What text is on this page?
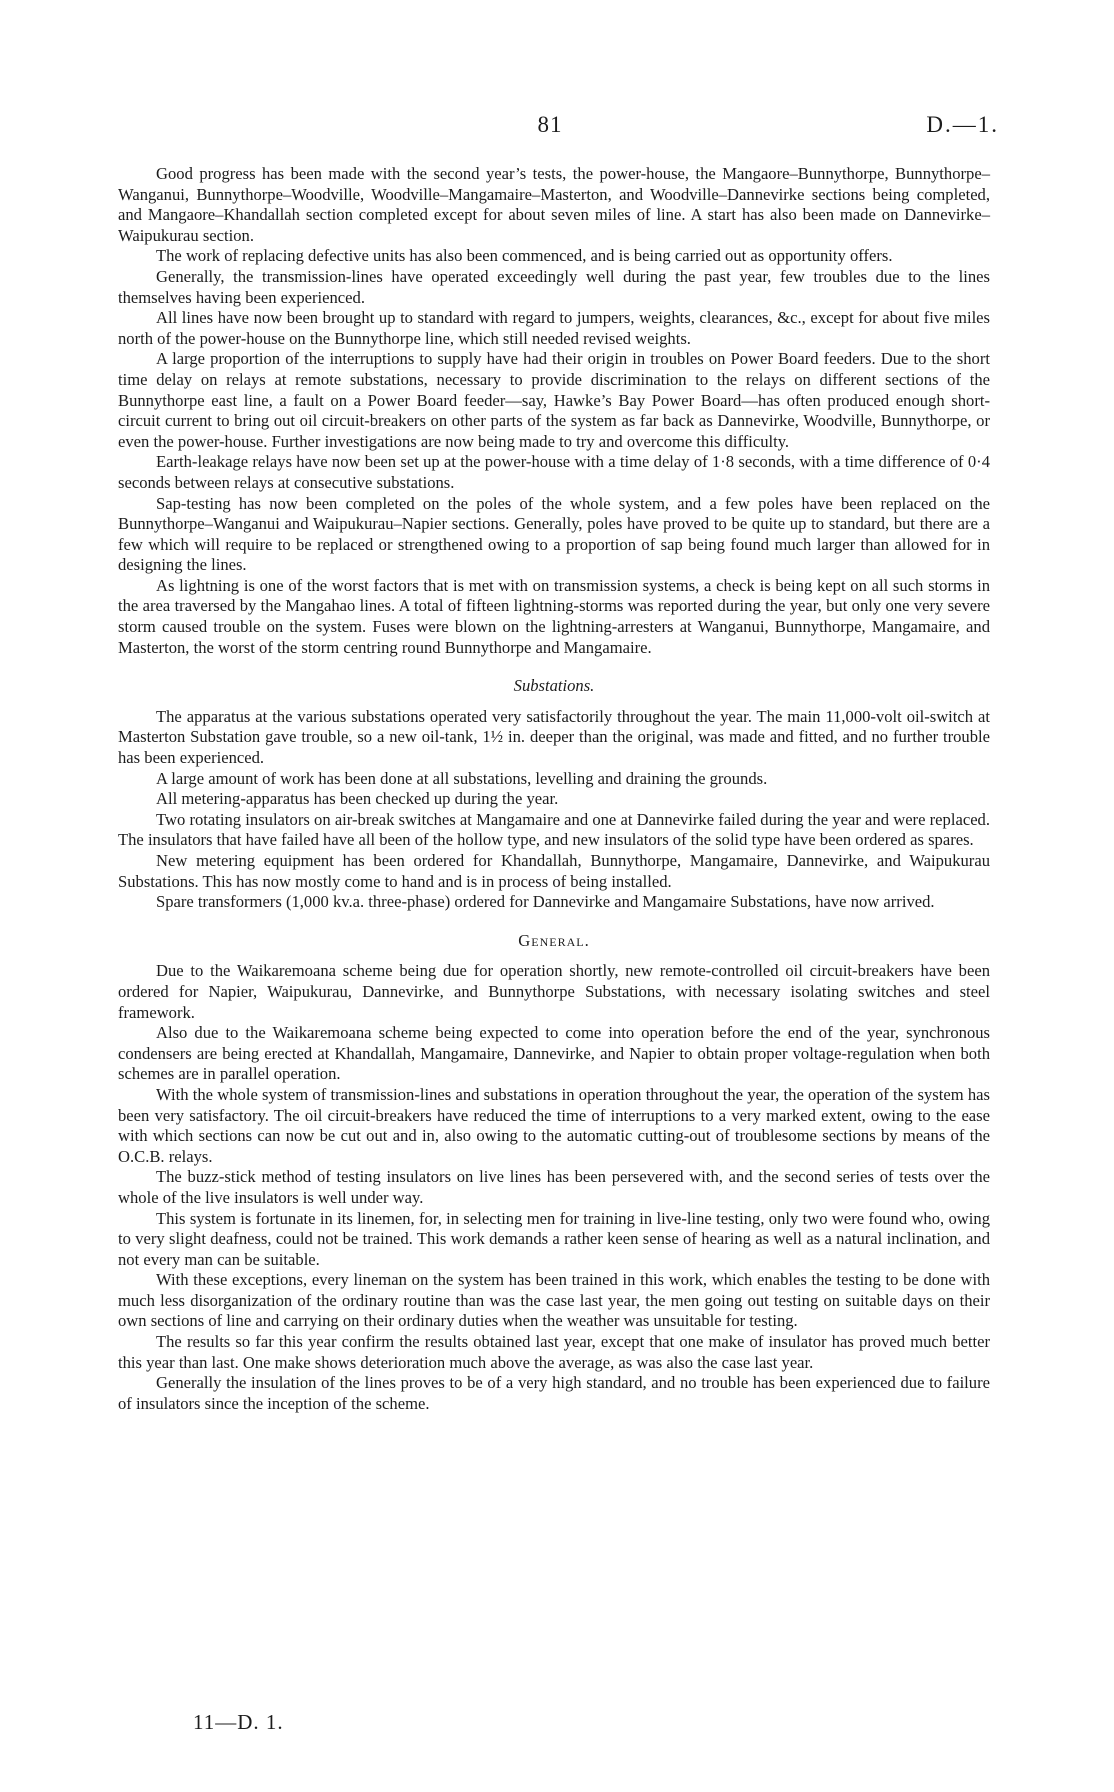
81	D.—1.

Good progress has been made with the second year’s tests, the power-house, the Mangaore–Bunnythorpe, Bunnythorpe–Wanganui, Bunnythorpe–Woodville, Woodville–Mangamaire–Masterton, and Woodville–Dannevirke sections being completed, and Mangaore–Khandallah section completed except for about seven miles of line. A start has also been made on Dannevirke–Waipukurau section.

The work of replacing defective units has also been commenced, and is being carried out as opportunity offers.

Generally, the transmission-lines have operated exceedingly well during the past year, few troubles due to the lines themselves having been experienced.

All lines have now been brought up to standard with regard to jumpers, weights, clearances, &c., except for about five miles north of the power-house on the Bunnythorpe line, which still needed revised weights.

A large proportion of the interruptions to supply have had their origin in troubles on Power Board feeders. Due to the short time delay on relays at remote substations, necessary to provide discrimination to the relays on different sections of the Bunnythorpe east line, a fault on a Power Board feeder—say, Hawke’s Bay Power Board—has often produced enough short-circuit current to bring out oil circuit-breakers on other parts of the system as far back as Dannevirke, Woodville, Bunnythorpe, or even the power-house. Further investigations are now being made to try and overcome this difficulty.

Earth-leakage relays have now been set up at the power-house with a time delay of 1·8 seconds, with a time difference of 0·4 seconds between relays at consecutive substations.

Sap-testing has now been completed on the poles of the whole system, and a few poles have been replaced on the Bunnythorpe–Wanganui and Waipukurau–Napier sections. Generally, poles have proved to be quite up to standard, but there are a few which will require to be replaced or strengthened owing to a proportion of sap being found much larger than allowed for in designing the lines.

As lightning is one of the worst factors that is met with on transmission systems, a check is being kept on all such storms in the area traversed by the Mangahao lines. A total of fifteen lightning-storms was reported during the year, but only one very severe storm caused trouble on the system. Fuses were blown on the lightning-arresters at Wanganui, Bunnythorpe, Mangamaire, and Masterton, the worst of the storm centring round Bunnythorpe and Mangamaire.

Substations.

The apparatus at the various substations operated very satisfactorily throughout the year. The main 11,000-volt oil-switch at Masterton Substation gave trouble, so a new oil-tank, 1½ in. deeper than the original, was made and fitted, and no further trouble has been experienced.

A large amount of work has been done at all substations, levelling and draining the grounds.

All metering-apparatus has been checked up during the year.

Two rotating insulators on air-break switches at Mangamaire and one at Dannevirke failed during the year and were replaced. The insulators that have failed have all been of the hollow type, and new insulators of the solid type have been ordered as spares.

New metering equipment has been ordered for Khandallah, Bunnythorpe, Mangamaire, Dannevirke, and Waipukurau Substations. This has now mostly come to hand and is in process of being installed.

Spare transformers (1,000 kv.a. three-phase) ordered for Dannevirke and Mangamaire Substations, have now arrived.

General.

Due to the Waikaremoana scheme being due for operation shortly, new remote-controlled oil circuit-breakers have been ordered for Napier, Waipukurau, Dannevirke, and Bunnythorpe Substations, with necessary isolating switches and steel framework.

Also due to the Waikaremoana scheme being expected to come into operation before the end of the year, synchronous condensers are being erected at Khandallah, Mangamaire, Dannevirke, and Napier to obtain proper voltage-regulation when both schemes are in parallel operation.

With the whole system of transmission-lines and substations in operation throughout the year, the operation of the system has been very satisfactory. The oil circuit-breakers have reduced the time of interruptions to a very marked extent, owing to the ease with which sections can now be cut out and in, also owing to the automatic cutting-out of troublesome sections by means of the O.C.B. relays.

The buzz-stick method of testing insulators on live lines has been persevered with, and the second series of tests over the whole of the live insulators is well under way.

This system is fortunate in its linemen, for, in selecting men for training in live-line testing, only two were found who, owing to very slight deafness, could not be trained. This work demands a rather keen sense of hearing as well as a natural inclination, and not every man can be suitable.

With these exceptions, every lineman on the system has been trained in this work, which enables the testing to be done with much less disorganization of the ordinary routine than was the case last year, the men going out testing on suitable days on their own sections of line and carrying on their ordinary duties when the weather was unsuitable for testing.

The results so far this year confirm the results obtained last year, except that one make of insulator has proved much better this year than last. One make shows deterioration much above the average, as was also the case last year.

Generally the insulation of the lines proves to be of a very high standard, and no trouble has been experienced due to failure of insulators since the inception of the scheme.

11—D. 1.
